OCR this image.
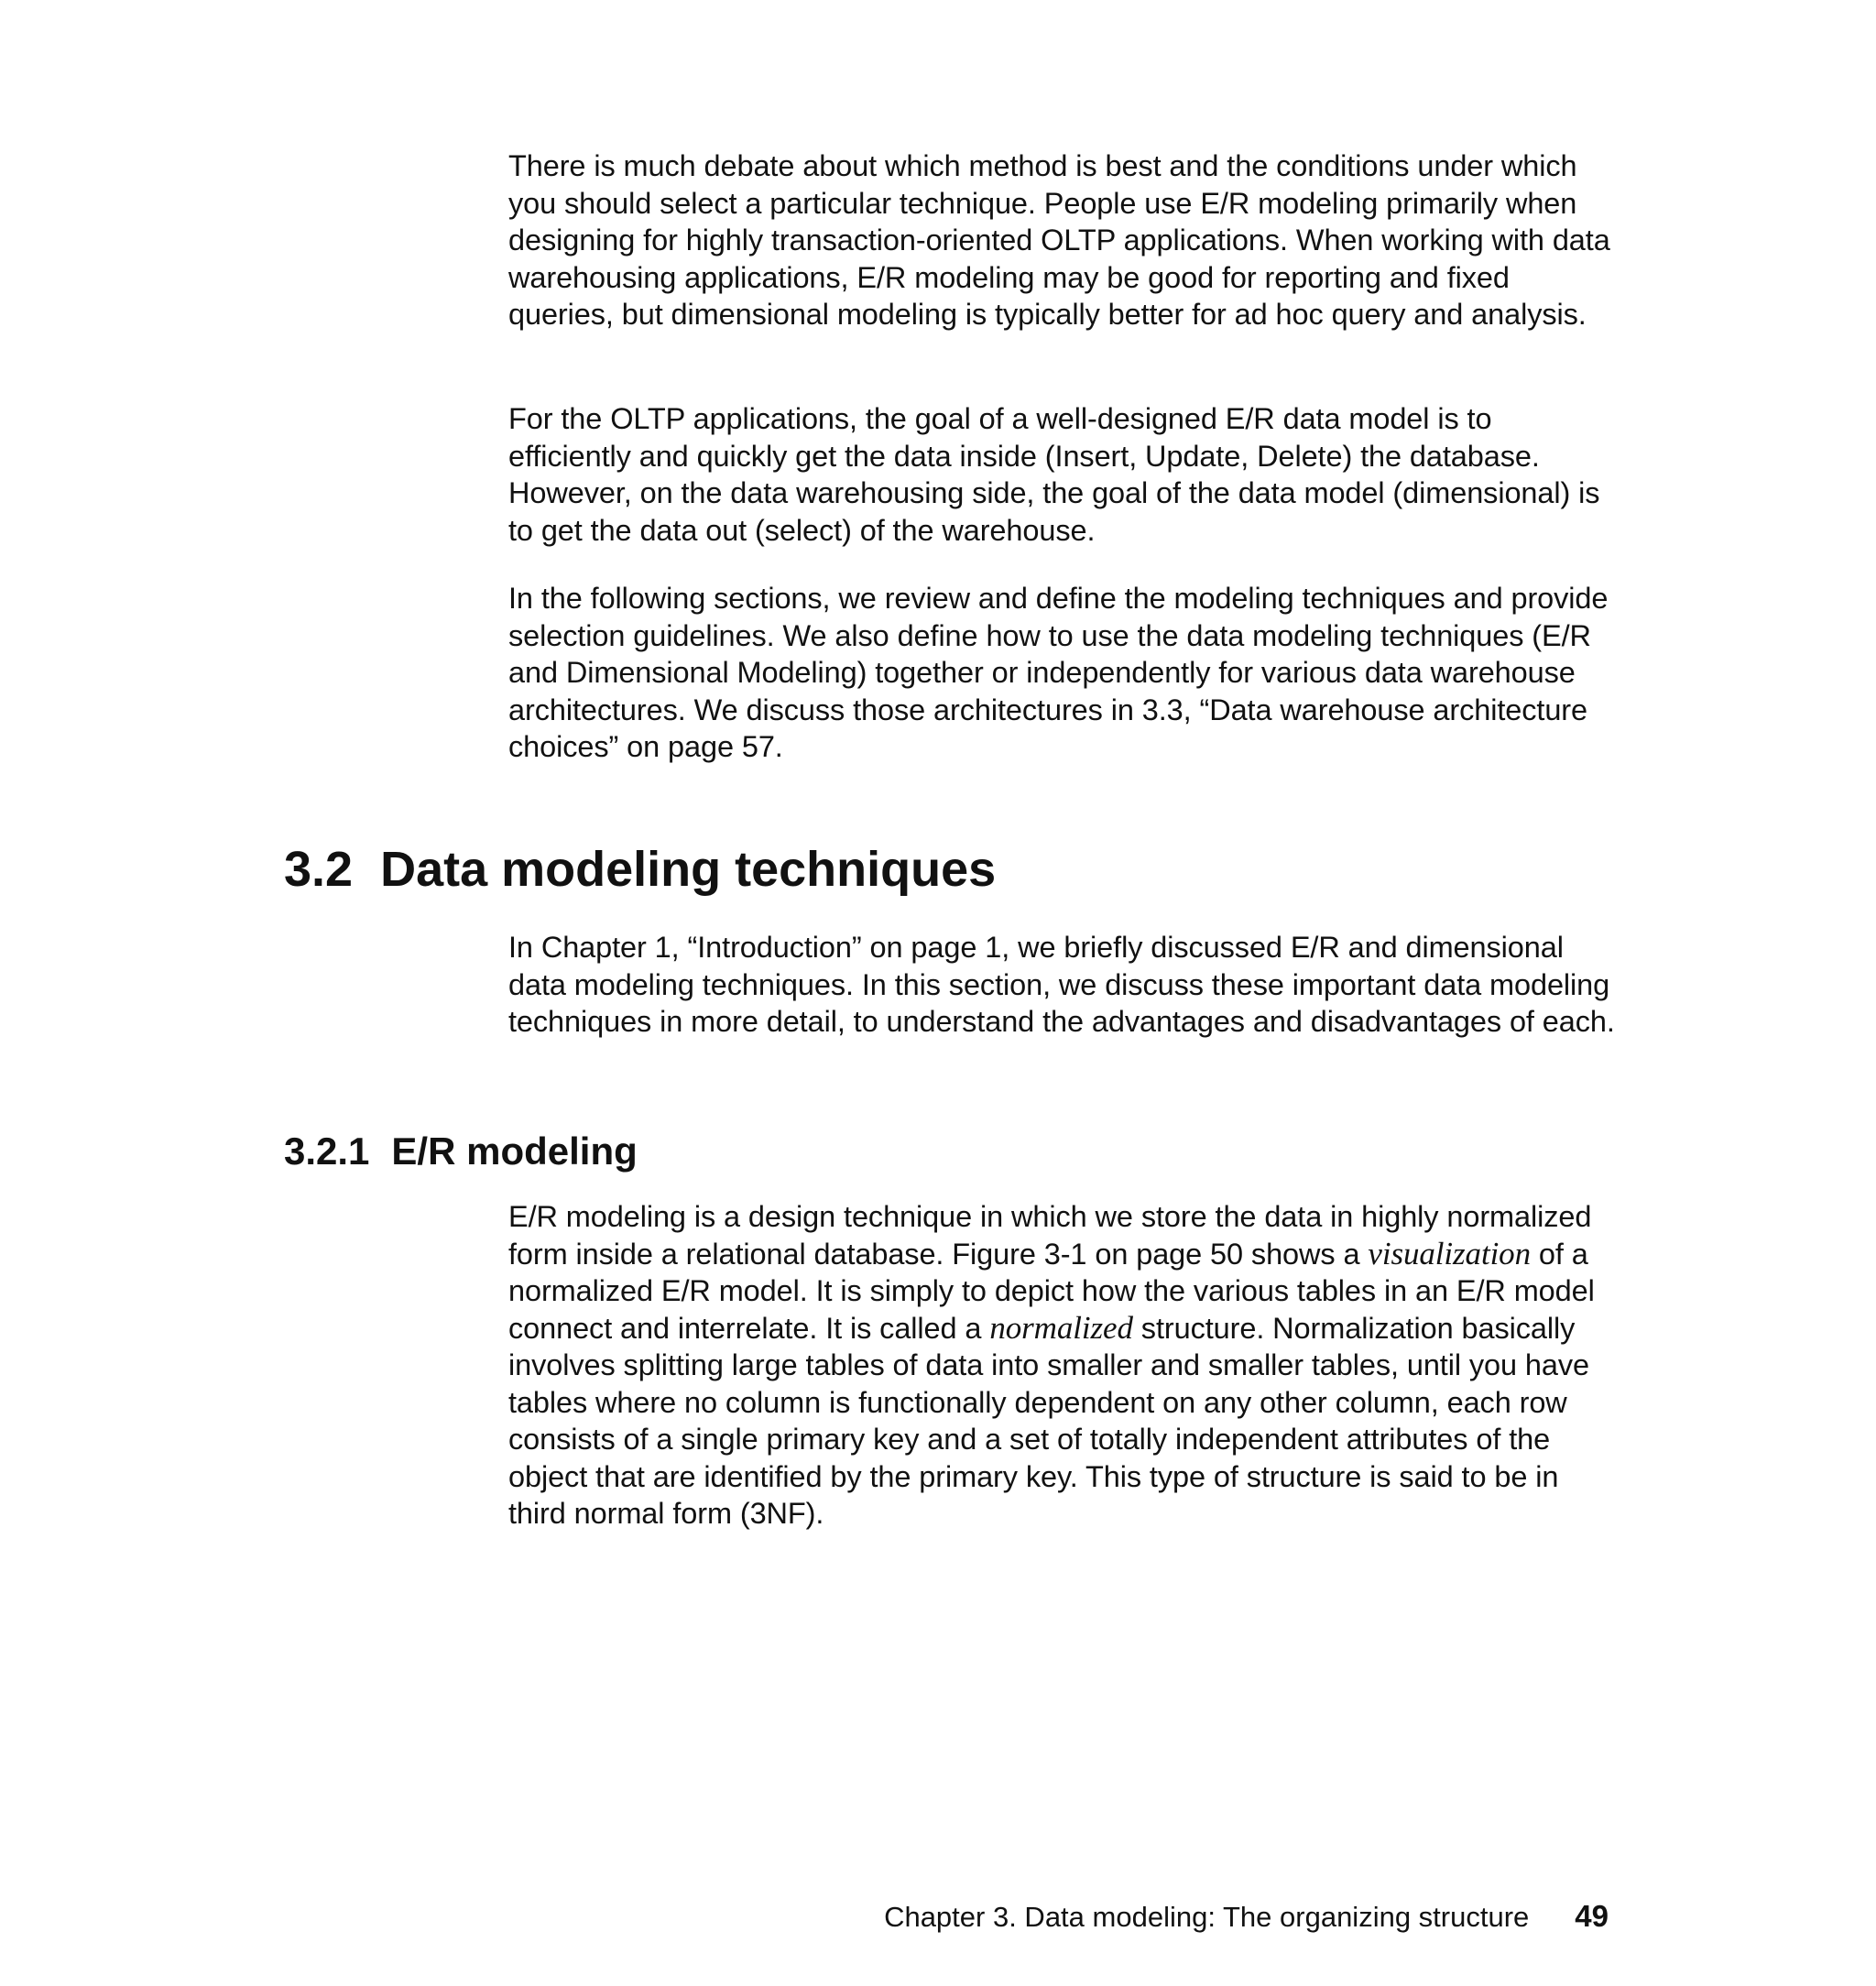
There is much debate about which method is best and the conditions under which you should select a particular technique. People use E/R modeling primarily when designing for highly transaction-oriented OLTP applications. When working with data warehousing applications, E/R modeling may be good for reporting and fixed queries, but dimensional modeling is typically better for ad hoc query and analysis.

For the OLTP applications, the goal of a well-designed E/R data model is to efficiently and quickly get the data inside (Insert, Update, Delete) the database. However, on the data warehousing side, the goal of the data model (dimensional) is to get the data out (select) of the warehouse.

In the following sections, we review and define the modeling techniques and provide selection guidelines. We also define how to use the data modeling techniques (E/R and Dimensional Modeling) together or independently for various data warehouse architectures. We discuss those architectures in 3.3, “Data warehouse architecture choices” on page 57.

3.2 Data modeling techniques

In Chapter 1, “Introduction” on page 1, we briefly discussed E/R and dimensional data modeling techniques. In this section, we discuss these important data modeling techniques in more detail, to understand the advantages and disadvantages of each.

3.2.1 E/R modeling

E/R modeling is a design technique in which we store the data in highly normalized form inside a relational database. Figure 3-1 on page 50 shows a visualization of a normalized E/R model. It is simply to depict how the various tables in an E/R model connect and interrelate. It is called a normalized structure. Normalization basically involves splitting large tables of data into smaller and smaller tables, until you have tables where no column is functionally dependent on any other column, each row consists of a single primary key and a set of totally independent attributes of the object that are identified by the primary key. This type of structure is said to be in third normal form (3NF).

Chapter 3. Data modeling: The organizing structure 49
